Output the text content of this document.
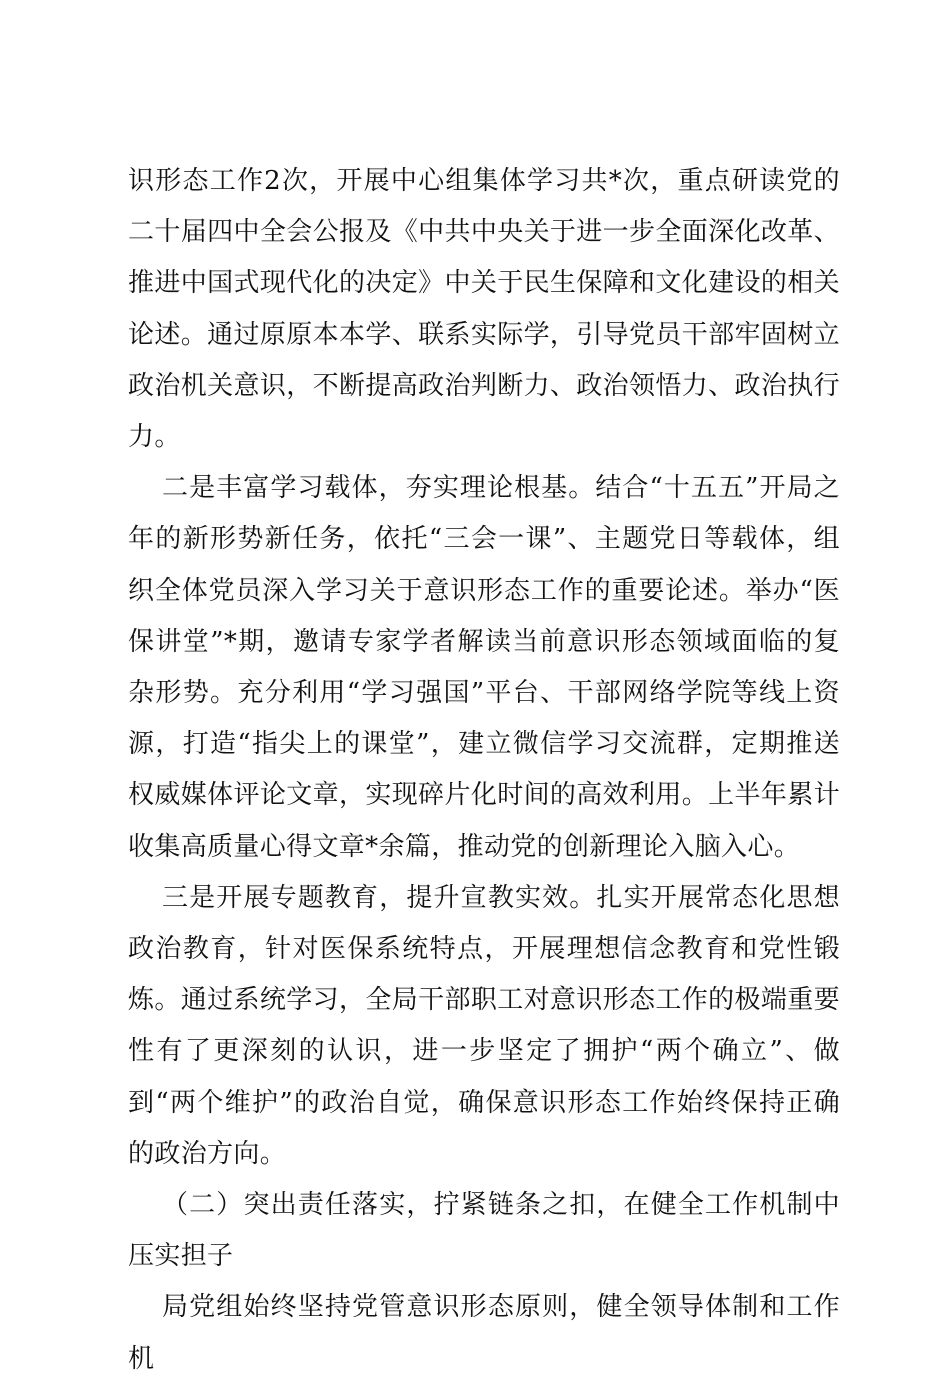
识形态工作2次，开展中心组集体学习共*次，重点研读党的二十届四中全会公报及《中共中央关于进一步全面深化改革、推进中国式现代化的决定》中关于民生保障和文化建设的相关论述。通过原原本本学、联系实际学，引导党员干部牢固树立政治机关意识，不断提高政治判断力、政治领悟力、政治执行力。

二是丰富学习载体，夯实理论根基。结合“十五五”开局之年的新形势新任务，依托“三会一课”、主题党日等载体，组织全体党员深入学习关于意识形态工作的重要论述。举办“医保讲堂”*期，邀请专家学者解读当前意识形态领域面临的复杂形势。充分利用“学习强国”平台、干部网络学院等线上资源，打造“指尖上的课堂”，建立微信学习交流群，定期推送权威媒体评论文章，实现碎片化时间的高效利用。上半年累计收集高质量心得文章*余篇，推动党的创新理论入脑入心。

三是开展专题教育，提升宣教实效。扎实开展常态化思想政治教育，针对医保系统特点，开展理想信念教育和党性锻炼。通过系统学习，全局干部职工对意识形态工作的极端重要性有了更深刻的认识，进一步坚定了拥护“两个确立”、做到“两个维护”的政治自觉，确保意识形态工作始终保持正确的政治方向。

（二）突出责任落实，拧紧链条之扣，在健全工作机制中压实担子

局党组始终坚持党管意识形态原则，健全领导体制和工作机
